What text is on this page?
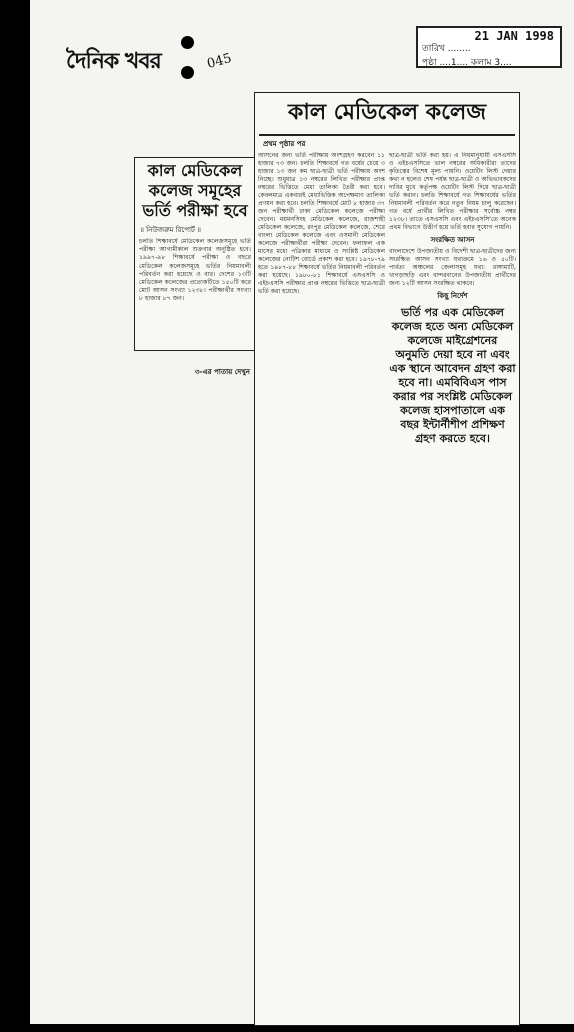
দৈনিক খবর	045
21 JAN 1998
তারিখ ........
পৃষ্ঠা ....1.... কলাম 3....
কাল মেডিকেল কলেজ সমূহের ভর্তি পরীক্ষা হবে
॥ নিউজরুম রিপোর্ট ॥
চলতি শিক্ষাবর্ষে মেডিকেল কলেজসমূহে ভর্তি পরীক্ষা আগামীকাল শুক্রবার অনুষ্ঠিত হবে। ১৯৯৭-৯৮ শিক্ষাবর্ষে পরীক্ষা ও বছরে মেডিকেল কলেজসমূহে ভর্তির নিয়মাবলী পরিবর্তন করা হয়েছে ও বার। দেশের ১৩টি মেডিকেল কলেজের প্রত্যেকটিতে ১৫০টি করে মোট আসন সংখ্যা ১২৩৮। পরীক্ষার্থীর সংখ্যা ৮ হাজার ৮৭ জন।
৩-এর পাতায় দেখুন
কাল মেডিকেল কলেজ
প্রথম পৃষ্ঠার পর

আসনের জন্য ভর্তি পরীক্ষায় অংশগ্রহণ করবেন ১১ হাজার ৭৩ জন। চলতি শিক্ষাবর্ষে গত বর্ষের চেয়ে ৩ হাজার ১৩ জন কম ছাত্র-ছাত্রী ভর্তি পরীক্ষায় অংশ নিচ্ছে। শুধুমাত্র ১৩ নম্বরের লিখিত পরীক্ষার প্রাপ্ত নম্বরের ভিত্তিতে মেধা তালিকা তৈরী করা হবে। কেবলমাত্র একবারই মেধাভিত্তিক অপেক্ষমাণ তালিকা প্রণয়ন করা হবে। চলতি শিক্ষাবর্ষে মোট ৮ হাজার ৩৭ জন পরীক্ষার্থী ঢাকা মেডিকেল কলেজে পরীক্ষা দেবেন। ময়মনসিংহ মেডিকেল কলেজে, রাজশাহী মেডিকেল কলেজে, রংপুর মেডিকেল কলেজে, শেরে বাংলা মেডিকেল কলেজে এবং ওসমানী মেডিকেল কলেজে পরীক্ষার্থীরা পরীক্ষা দেবেন। ফলাফল এক মাসের মধ্যে পত্রিকার মাধ্যমে ও সংশ্লিষ্ট মেডিকেল কলেজের নোটিশ বোর্ডে প্রকাশ করা হবে। ১৯৭৮-৭৯ হতে ১৯৮৭-৮৮ শিক্ষাবর্ষে ভর্তির নিয়মাবলী পরিবর্তন করা হয়েছে। ১৯৮০-৮১ শিক্ষাবর্ষে এসএসসি ও এইচএসসি পরীক্ষার প্রাপ্ত নম্বরের ভিত্তিতে ছাত্র-ছাত্রী ভর্তি করা হয়েছে।

ছাত্র-ছাত্রী ভর্তি করা হয়। এ নিয়মানুযায়ী এসএসসি ও এইচএসসিতে ভাল নম্বরের অধিকারীরা তাদের কৃতিত্বের বিশেষ মূল্য পায়নি। ওয়েটিং লিস্ট দেয়ার কথা ন হলেও শেষ পর্যন্ত ছাত্র-ছাত্রী ও অভিভাবকদের দাবির মুখে কর্তৃপক্ষ ওয়েটিং লিস্ট দিয়ে ছাত্র-ছাত্রী ভর্তি করান। চলতি শিক্ষাবর্ষে গত শিক্ষাবর্ষের ভর্তির নিয়মাবলী পরিবর্তন করে নতুন নিয়ম চালু করেছেন। গত বর্ষে প্রার্থীর লিখিত পরীক্ষার সর্বোচ্চ নম্বর ১২৩৮। তাতে এসএসসি এবং এইচএসসি'তে অনেক প্রথম বিভাগে উত্তীর্ণ হয়ে ভর্তি হবার সুযোগ পায়নি।

সংরক্ষিত আসন

বাংলাদেশে উপজাতীয় ও বিদেশী ছাত্র-ছাত্রীদের জন্য সংরক্ষিত আসন সংখ্যা যথাক্রমে ১৬ ও ৫০টি। পার্বত্য অঞ্চলের জেলাসমূহ যথা: রাঙ্গামাটি, খাগড়াছড়ি এবং বান্দরবানের উপজাতীয় প্রার্থীদের জন্য ১২টি আসন সংরক্ষিত থাকবে।

কিছু নির্দেশ
ভর্তি পর এক মেডিকেল কলেজ হতে অন্য মেডিকেল কলেজে মাইগ্রেশনের অনুমতি দেয়া হবে না এবং এক স্থানে আবেদন গ্রহণ করা হবে না। এমবিবিএস পাস করার পর সংশ্লিষ্ট মেডিকেল কলেজ হাসপাতালে এক বছর ইন্টার্নীশীপ প্রশিক্ষণ গ্রহণ করতে হবে।
